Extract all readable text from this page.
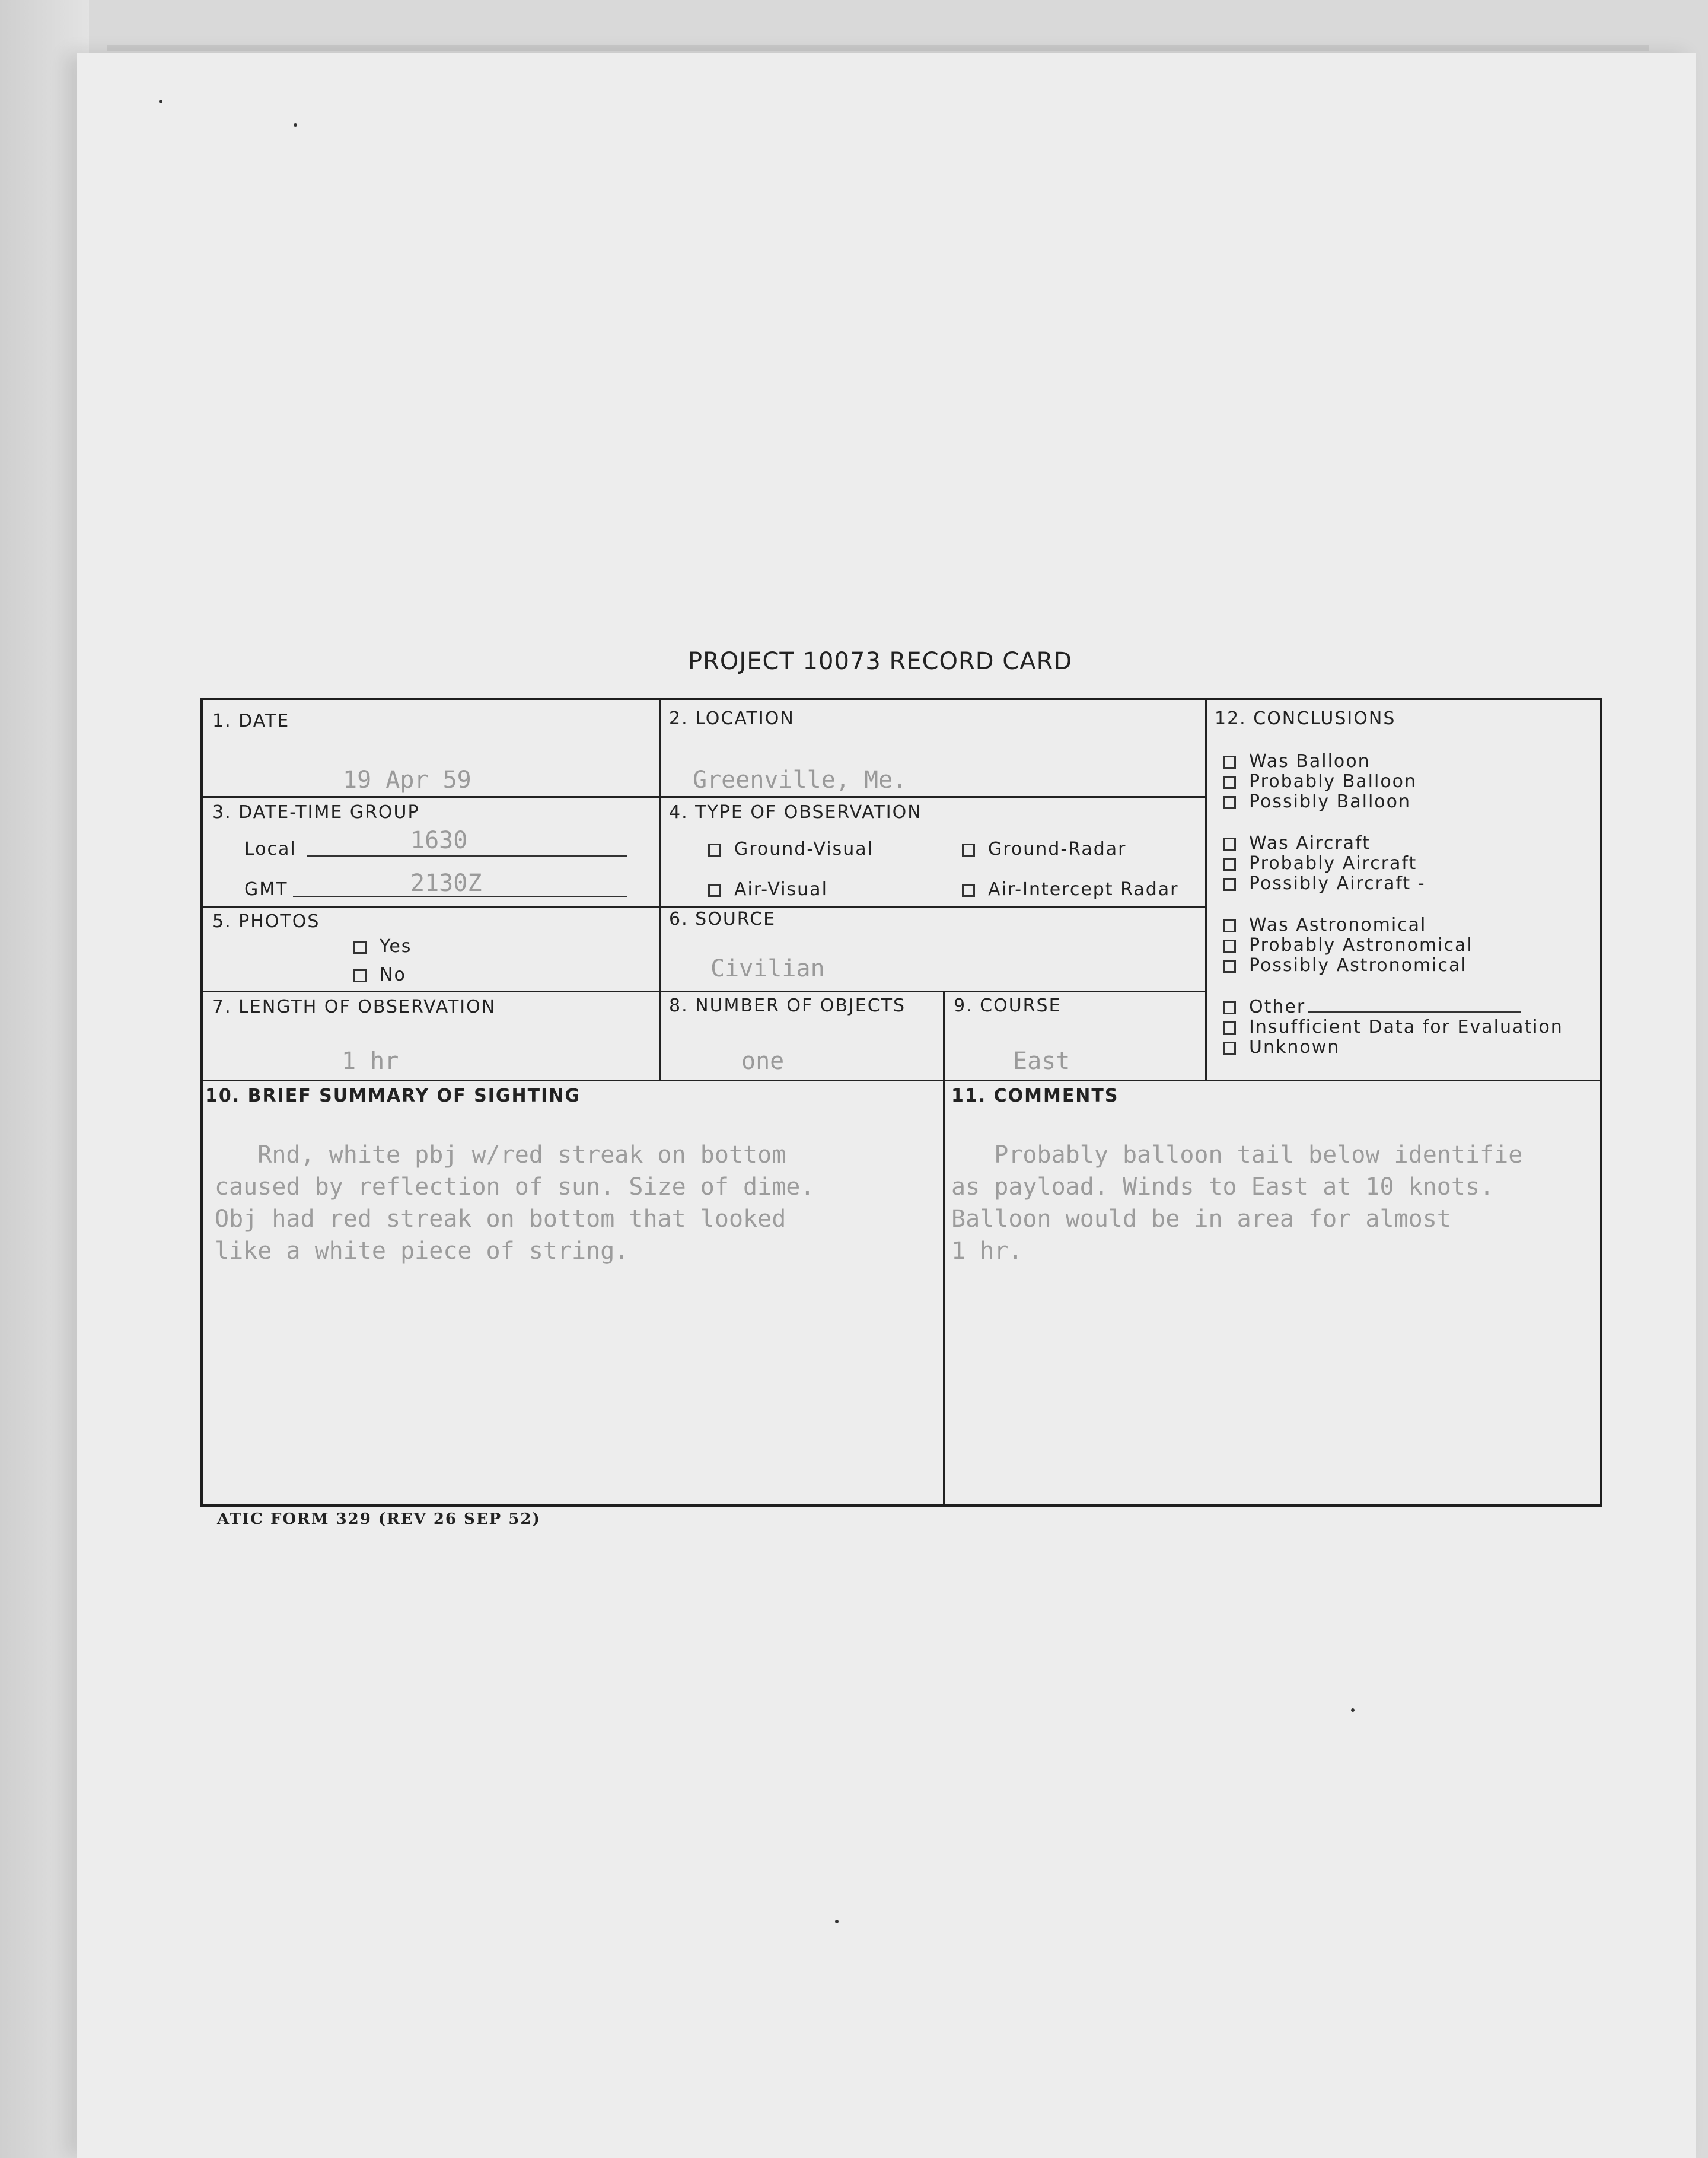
PROJECT 10073 RECORD CARD
1. DATE
19 Apr 59
2. LOCATION
Greenville, Me.
3. DATE-TIME GROUP
Local	1630
GMT	2130Z
4. TYPE OF OBSERVATION
Ground-Visual	Ground-Radar
Air-Visual	Air-Intercept Radar
5. PHOTOS
Yes
No
6. SOURCE
Civilian
7. LENGTH OF OBSERVATION
1 hr
8. NUMBER OF OBJECTS
one
9. COURSE
East
12. CONCLUSIONS
Was Balloon
Probably Balloon
Possibly Balloon
Was Aircraft
Probably Aircraft
Possibly Aircraft -
Was Astronomical
Probably Astronomical
Possibly Astronomical
Other
Insufficient Data for Evaluation
Unknown
10. BRIEF SUMMARY OF SIGHTING

Rnd, white pbj w/red streak on bottom
caused by reflection of sun. Size of dime.
Obj had red streak on bottom that looked
like a white piece of string.
11. COMMENTS

Probably balloon tail below identifie
as payload. Winds to East at 10 knots.
Balloon would be in area for almost
1 hr.
ATIC FORM 329 (REV 26 SEP 52)
